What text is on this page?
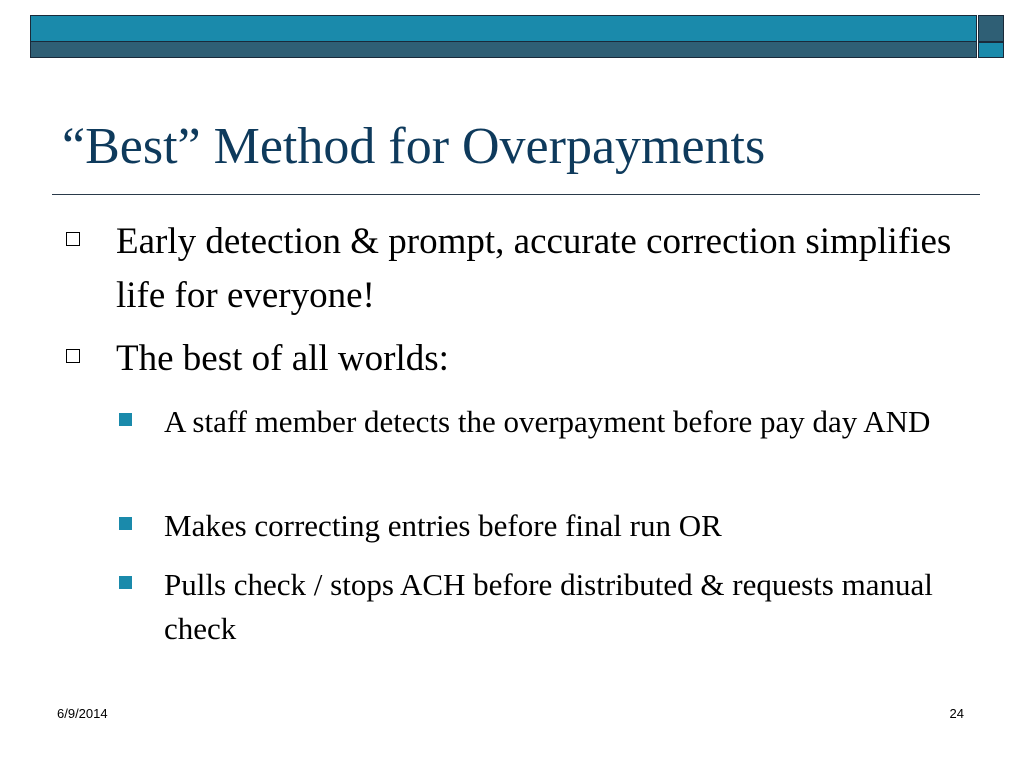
“Best” Method for Overpayments
Early detection & prompt, accurate correction simplifies life for everyone!
The best of all worlds:
A staff member detects the overpayment before pay day AND
Makes correcting entries before final run OR
Pulls check / stops ACH before distributed & requests manual check
6/9/2014	24
